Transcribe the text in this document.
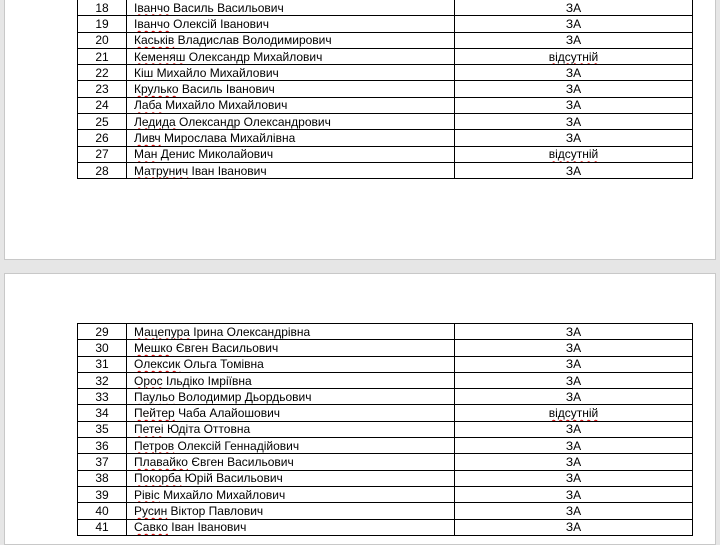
18	Іванчо Василь Васильович	ЗА
19	Іванчо Олексій Іванович	ЗА
20	Каськів Владислав Володимирович	ЗА
21	Кеменяш Олександр Михайлович	відсутній
22	Кіш Михайло Михайлович	ЗА
23	Крулько Василь Іванович	ЗА
24	Лаба Михайло Михайлович	ЗА
25	Ледида Олександр Олександрович	ЗА
26	Ливч Мирослава Михайлівна	ЗА
27	Ман Денис Миколайович	відсутній
28	Матрунич Іван Іванович	ЗА
29	Мацепура Ірина Олександрівна	ЗА
30	Мешко Євген Васильович	ЗА
31	Олексик Ольга Томівна	ЗА
32	Орос Ільдіко Імріївна	ЗА
33	Паульо Володимир Дьордьович	ЗА
34	Пейтер Чаба Алайошович	відсутній
35	Петеі Юдіта Оттовна	ЗА
36	Петров Олексій Геннадійович	ЗА
37	Плавайко Євген Васильович	ЗА
38	Покорба Юрій Васильович	ЗА
39	Рівіс Михайло Михайлович	ЗА
40	Русин Віктор Павлович	ЗА
41	Савко Іван Іванович	ЗА
